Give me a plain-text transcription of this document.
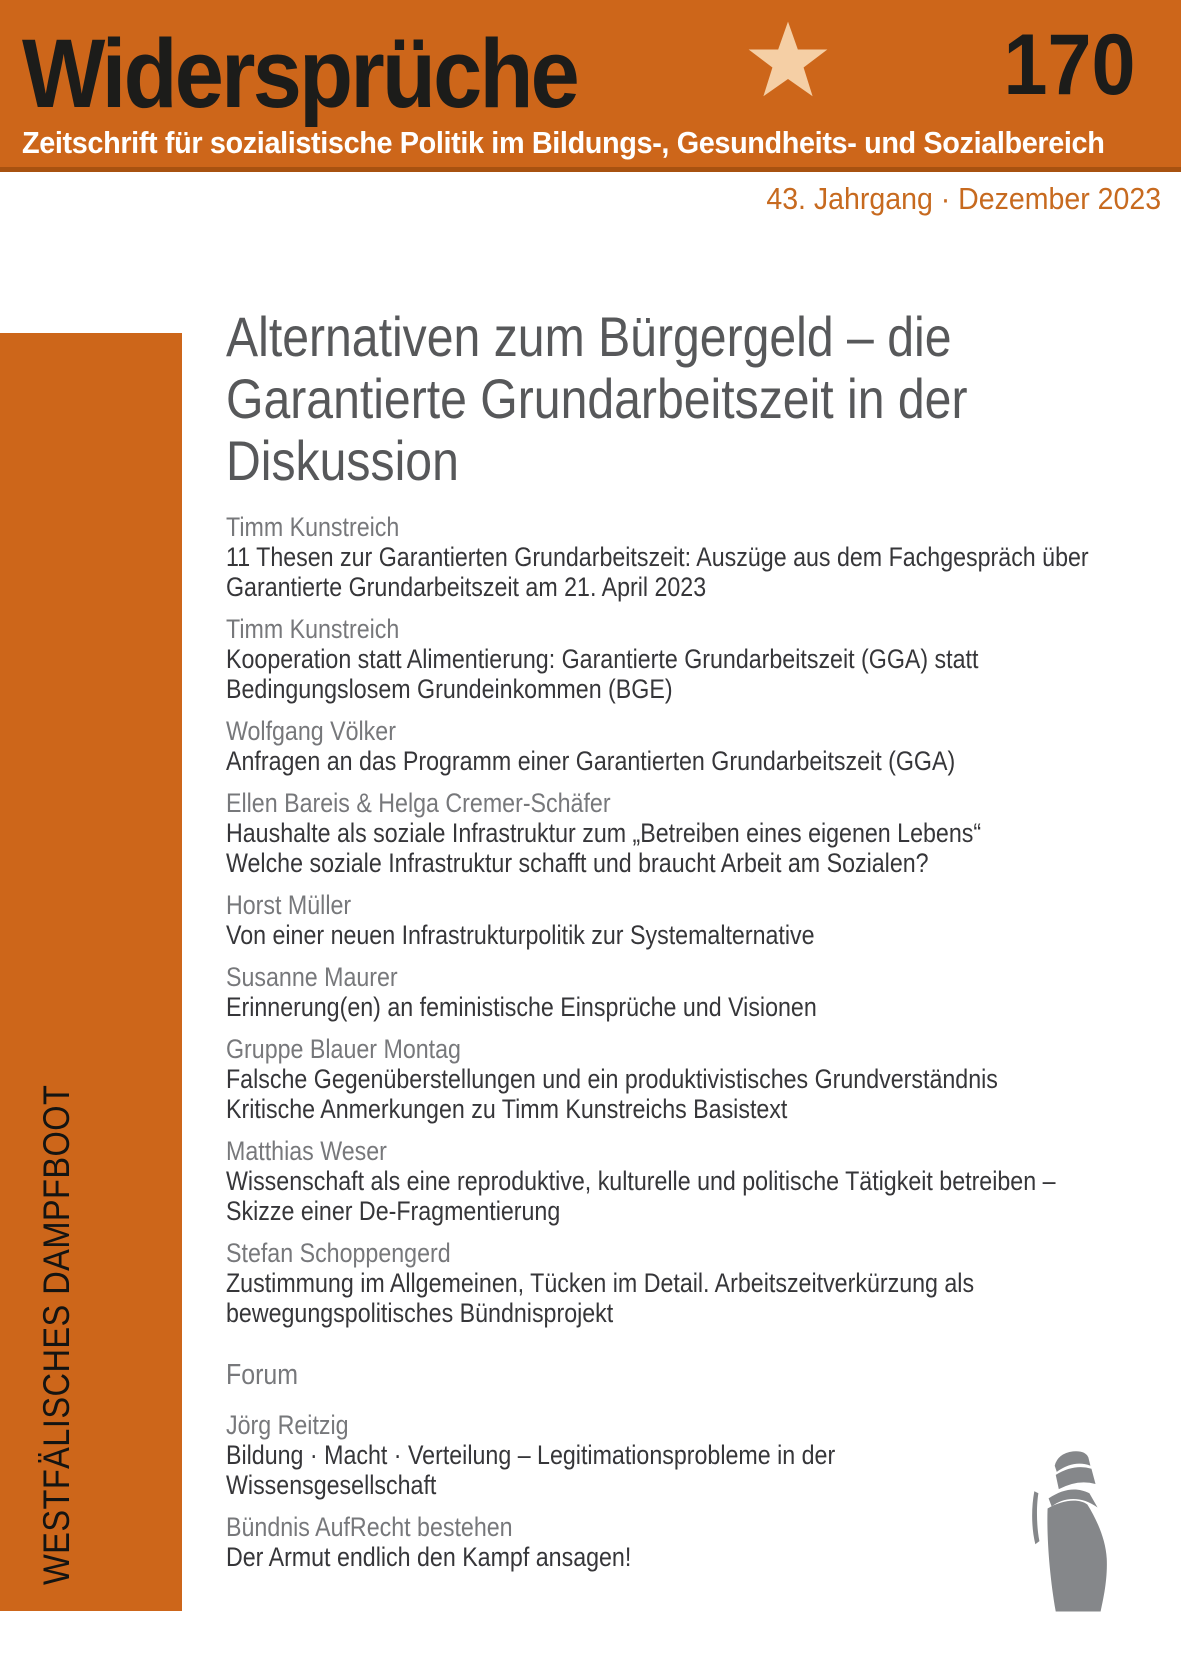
Widersprüche	170
Zeitschrift für sozialistische Politik im Bildungs-, Gesundheits- und Sozialbereich
43. Jahrgang · Dezember 2023
WESTFÄLISCHES DAMPFBOOT
Alternativen zum Bürgergeld – die
Garantierte Grundarbeitszeit in der
Diskussion
Timm Kunstreich
11 Thesen zur Garantierten Grundarbeitszeit: Auszüge aus dem Fachgespräch über
Garantierte Grundarbeitszeit am 21. April 2023
Timm Kunstreich
Kooperation statt Alimentierung: Garantierte Grundarbeitszeit (GGA) statt
Bedingungslosem Grundeinkommen (BGE)
Wolfgang Völker
Anfragen an das Programm einer Garantierten Grundarbeitszeit (GGA)
Ellen Bareis & Helga Cremer-Schäfer
Haushalte als soziale Infrastruktur zum „Betreiben eines eigenen Lebens“
Welche soziale Infrastruktur schafft und braucht Arbeit am Sozialen?
Horst Müller
Von einer neuen Infrastrukturpolitik zur Systemalternative
Susanne Maurer
Erinnerung(en) an feministische Einsprüche und Visionen
Gruppe Blauer Montag
Falsche Gegenüberstellungen und ein produktivistisches Grundverständnis
Kritische Anmerkungen zu Timm Kunstreichs Basistext
Matthias Weser
Wissenschaft als eine reproduktive, kulturelle und politische Tätigkeit betreiben –
Skizze einer De-Fragmentierung
Stefan Schoppengerd
Zustimmung im Allgemeinen, Tücken im Detail. Arbeitszeitverkürzung als
bewegungspolitisches Bündnisprojekt
Forum
Jörg Reitzig
Bildung · Macht · Verteilung – Legitimationsprobleme in der
Wissensgesellschaft
Bündnis AufRecht bestehen
Der Armut endlich den Kampf ansagen!
